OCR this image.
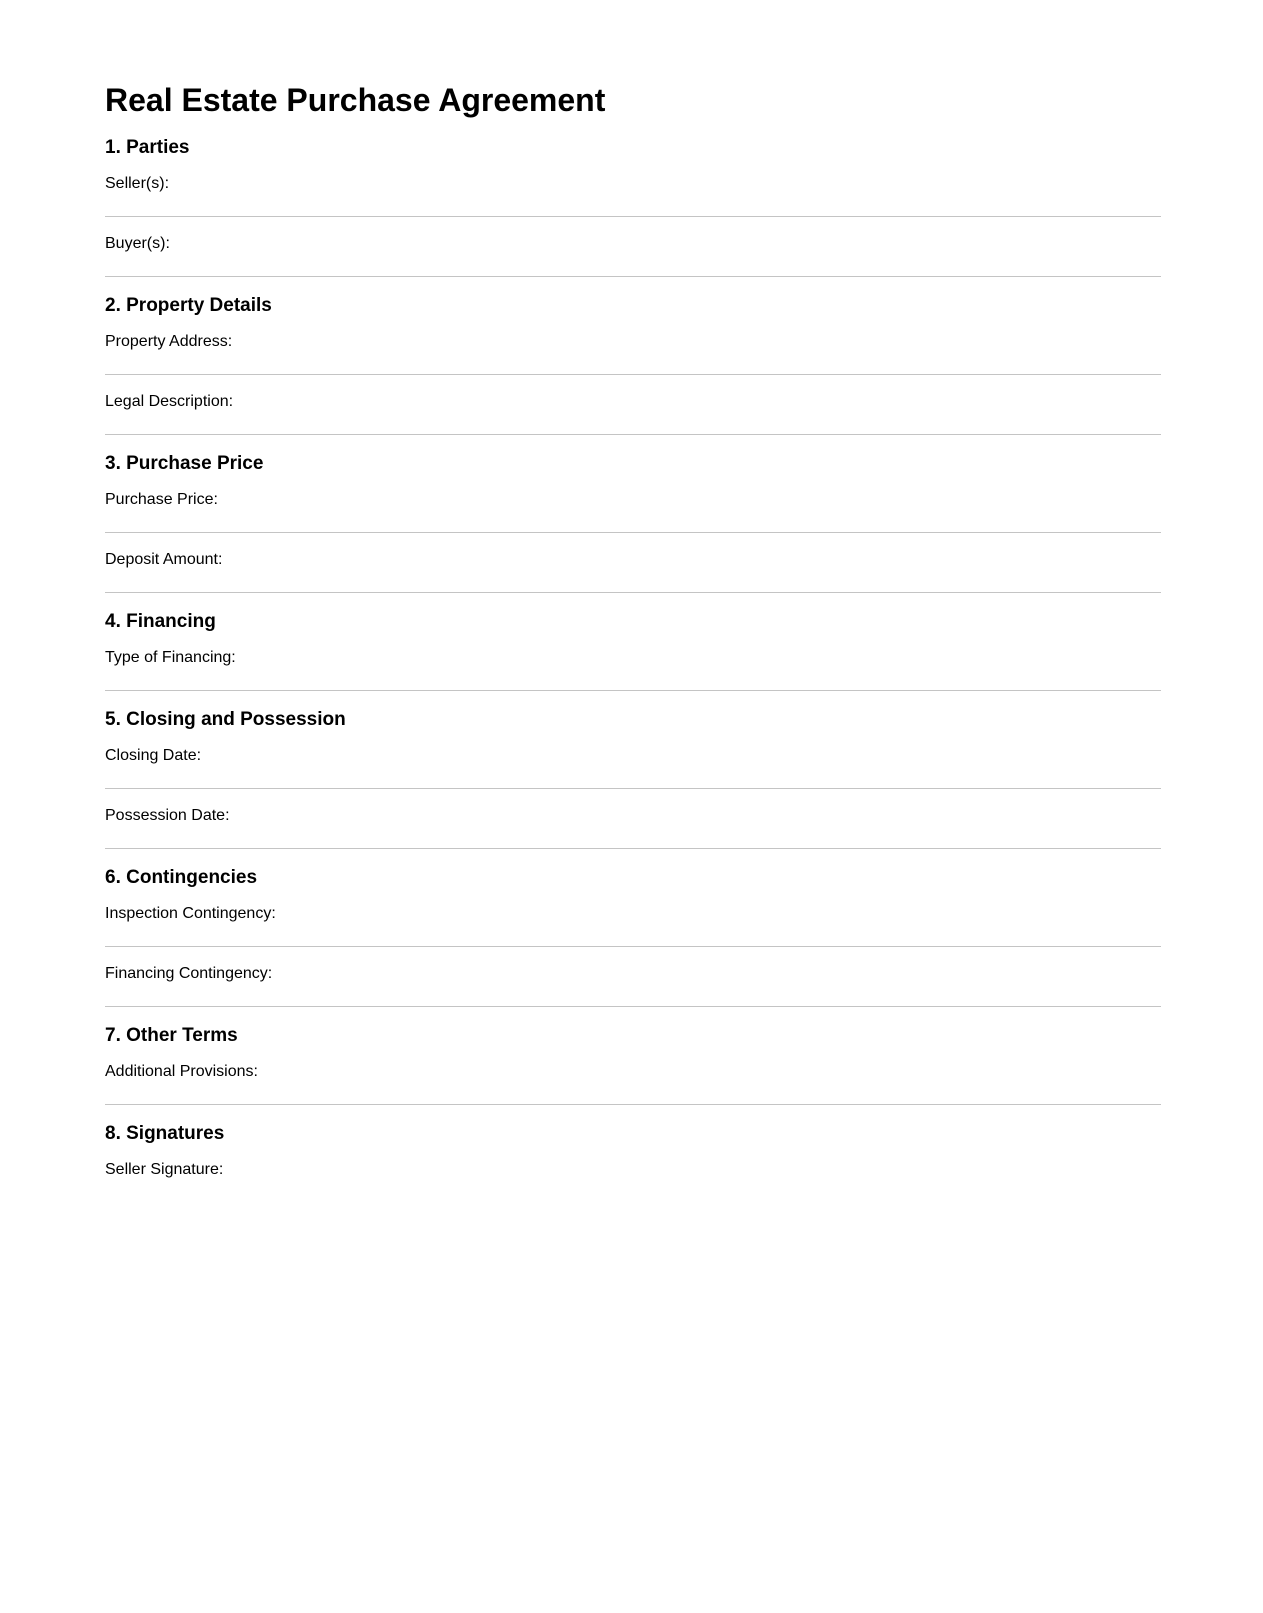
Real Estate Purchase Agreement
1. Parties
Seller(s):
Buyer(s):
2. Property Details
Property Address:
Legal Description:
3. Purchase Price
Purchase Price:
Deposit Amount:
4. Financing
Type of Financing:
5. Closing and Possession
Closing Date:
Possession Date:
6. Contingencies
Inspection Contingency:
Financing Contingency:
7. Other Terms
Additional Provisions:
8. Signatures
Seller Signature:
